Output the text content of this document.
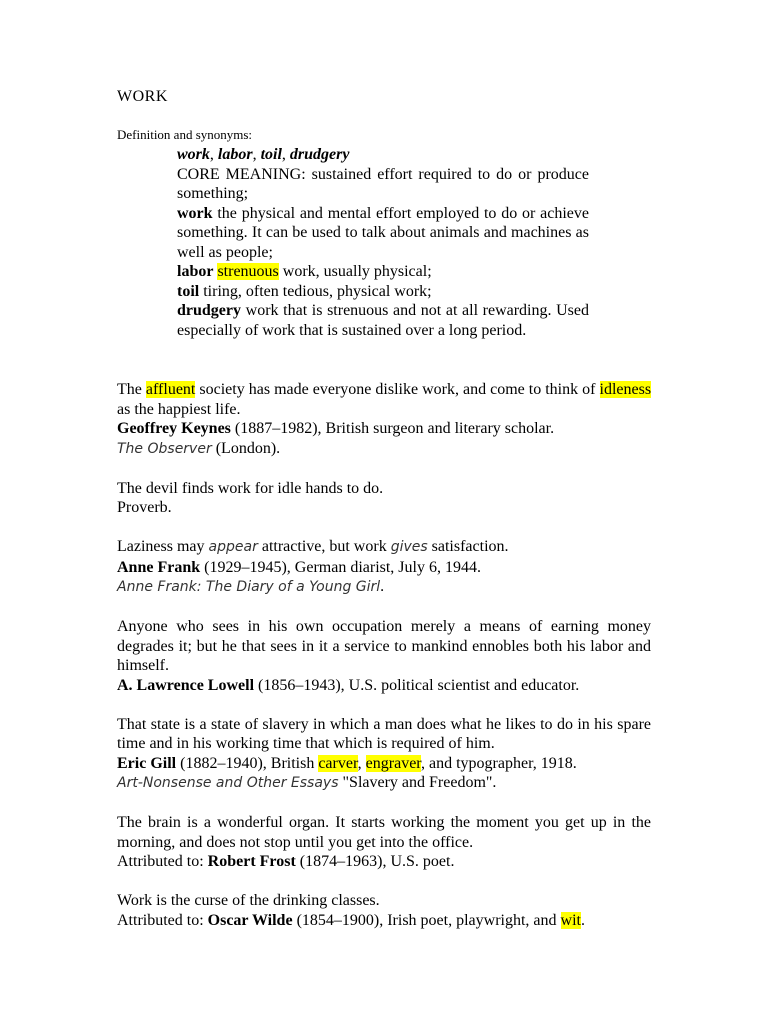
WORK
Definition and synonyms:

work, labor, toil, drudgery

CORE MEANING: sustained effort required to do or produce something;

work the physical and mental effort employed to do or achieve something. It can be used to talk about animals and machines as well as people;

labor strenuous work, usually physical;

toil tiring, often tedious, physical work;

drudgery work that is strenuous and not at all rewarding. Used especially of work that is sustained over a long period.

The affluent society has made everyone dislike work, and come to think of idleness as the happiest life.

Geoffrey Keynes (1887–1982), British surgeon and literary scholar.

The Observer (London).

The devil finds work for idle hands to do.

Proverb.

Laziness may appear attractive, but work gives satisfaction.

Anne Frank (1929–1945), German diarist, July 6, 1944.

Anne Frank: The Diary of a Young Girl.

Anyone who sees in his own occupation merely a means of earning money degrades it; but he that sees in it a service to mankind ennobles both his labor and himself.

A. Lawrence Lowell (1856–1943), U.S. political scientist and educator.

That state is a state of slavery in which a man does what he likes to do in his spare time and in his working time that which is required of him.

Eric Gill (1882–1940), British carver, engraver, and typographer, 1918.

Art-Nonsense and Other Essays "Slavery and Freedom".

The brain is a wonderful organ. It starts working the moment you get up in the morning, and does not stop until you get into the office.

Attributed to: Robert Frost (1874–1963), U.S. poet.

Work is the curse of the drinking classes.

Attributed to: Oscar Wilde (1854–1900), Irish poet, playwright, and wit.
